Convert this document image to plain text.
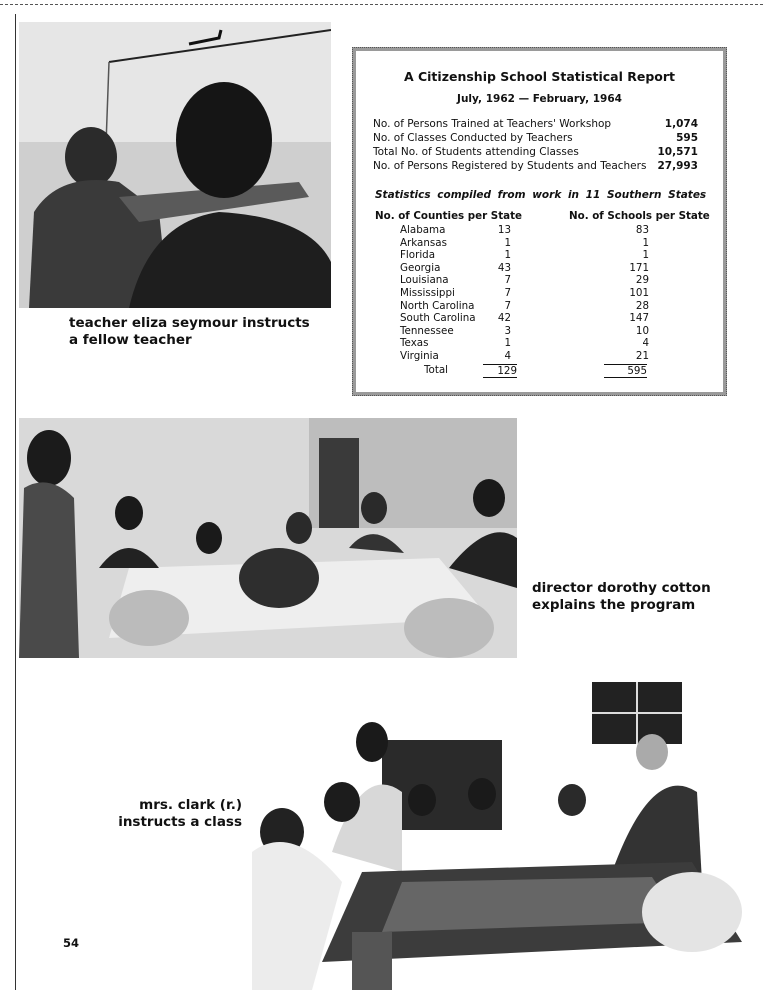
teacher eliza seymour instructs
a fellow teacher
A Citizenship School Statistical Report
July, 1962 — February, 1964
No. of Persons Trained at Teachers' Workshop	1,074
No. of Classes Conducted by Teachers	595
Total No. of Students attending Classes	10,571
No. of Persons Registered by Students and Teachers 27,993
Statistics compiled from work in 11 Southern States
No. of Counties per State	No. of Schools per State
Alabama	13	83
Arkansas	1	1
Florida	1	1
Georgia	43	171
Louisiana	7	29
Mississippi	7	101
North Carolina	7	28
South Carolina	42	147
Tennessee	3	10
Texas	1	4
Virginia	4	21
Total	129	595
director dorothy cotton
explains the program
mrs. clark (r.)
instructs a class
54
